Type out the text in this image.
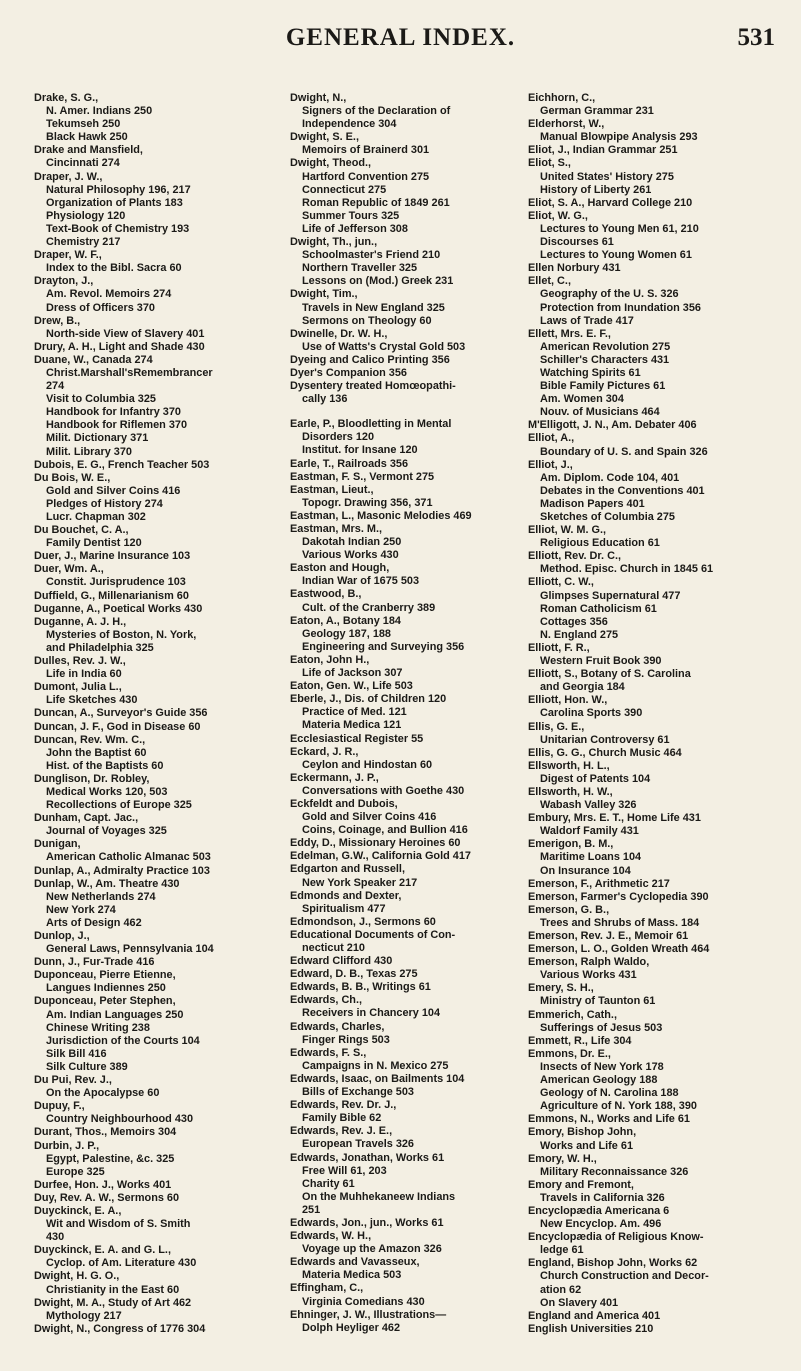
GENERAL INDEX.	531
Drake, S. G.,
N. Amer. Indians 250
Tekumseh 250
Black Hawk 250
Drake and Mansfield,
Cincinnati 274
Draper, J. W.,
Natural Philosophy 196, 217
Organization of Plants 183
Physiology 120
Text-Book of Chemistry 193
Chemistry 217
Draper, W. F.,
Index to the Bibl. Sacra 60
Drayton, J.,
Am. Revol. Memoirs 274
Dress of Officers 370
Drew, B.,
North-side View of Slavery 401
Drury, A. H., Light and Shade 430
Duane, W., Canada 274
Christ.Marshall'sRemembrancer
274
Visit to Columbia 325
Handbook for Infantry 370
Handbook for Riflemen 370
Milit. Dictionary 371
Milit. Library 370
Dubois, E. G., French Teacher 503
Du Bois, W. E.,
Gold and Silver Coins 416
Pledges of History 274
Lucr. Chapman 302
Du Bouchet, C. A.,
Family Dentist 120
Duer, J., Marine Insurance 103
Duer, Wm. A.,
Constit. Jurisprudence 103
Duffield, G., Millenarianism 60
Duganne, A., Poetical Works 430
Duganne, A. J. H.,
Mysteries of Boston, N. York,
and Philadelphia 325
Dulles, Rev. J. W.,
Life in India 60
Dumont, Julia L.,
Life Sketches 430
Duncan, A., Surveyor's Guide 356
Duncan, J. F., God in Disease 60
Duncan, Rev. Wm. C.,
John the Baptist 60
Hist. of the Baptists 60
Dunglison, Dr. Robley,
Medical Works 120, 503
Recollections of Europe 325
Dunham, Capt. Jac.,
Journal of Voyages 325
Dunigan,
American Catholic Almanac 503
Dunlap, A., Admiralty Practice 103
Dunlap, W., Am. Theatre 430
New Netherlands 274
New York 274
Arts of Design 462
Dunlop, J.,
General Laws, Pennsylvania 104
Dunn, J., Fur-Trade 416
Duponceau, Pierre Etienne,
Langues Indiennes 250
Duponceau, Peter Stephen,
Am. Indian Languages 250
Chinese Writing 238
Jurisdiction of the Courts 104
Silk Bill 416
Silk Culture 389
Du Pui, Rev. J.,
On the Apocalypse 60
Dupuy, F.,
Country Neighbourhood 430
Durant, Thos., Memoirs 304
Durbin, J. P.,
Egypt, Palestine, &c. 325
Europe 325
Durfee, Hon. J., Works 401
Duy, Rev. A. W., Sermons 60
Duyckinck, E. A.,
Wit and Wisdom of S. Smith
430
Duyckinck, E. A. and G. L.,
Cyclop. of Am. Literature 430
Dwight, H. G. O.,
Christianity in the East 60
Dwight, M. A., Study of Art 462
Mythology 217
Dwight, N., Congress of 1776 304
Dwight, N.,
Signers of the Declaration of
Independence 304
Dwight, S. E.,
Memoirs of Brainerd 301
Dwight, Theod.,
Hartford Convention 275
Connecticut 275
Roman Republic of 1849 261
Summer Tours 325
Life of Jefferson 308
Dwight, Th., jun.,
Schoolmaster's Friend 210
Northern Traveller 325
Lessons on (Mod.) Greek 231
Dwight, Tim.,
Travels in New England 325
Sermons on Theology 60
Dwinelle, Dr. W. H.,
Use of Watts's Crystal Gold 503
Dyeing and Calico Printing 356
Dyer's Companion 356
Dysentery treated Homœopathi-
cally 136
Earle, P., Bloodletting in Mental
Disorders 120
Institut. for Insane 120
Earle, T., Railroads 356
Eastman, F. S., Vermont 275
Eastman, Lieut.,
Topogr. Drawing 356, 371
Eastman, L., Masonic Melodies 469
Eastman, Mrs. M.,
Dakotah Indian 250
Various Works 430
Easton and Hough,
Indian War of 1675 503
Eastwood, B.,
Cult. of the Cranberry 389
Eaton, A., Botany 184
Geology 187, 188
Engineering and Surveying 356
Eaton, John H.,
Life of Jackson 307
Eaton, Gen. W., Life 503
Eberle, J., Dis. of Children 120
Practice of Med. 121
Materia Medica 121
Ecclesiastical Register 55
Eckard, J. R.,
Ceylon and Hindostan 60
Eckermann, J. P.,
Conversations with Goethe 430
Eckfeldt and Dubois,
Gold and Silver Coins 416
Coins, Coinage, and Bullion 416
Eddy, D., Missionary Heroines 60
Edelman, G.W., California Gold 417
Edgarton and Russell,
New York Speaker 217
Edmonds and Dexter,
Spiritualism 477
Edmondson, J., Sermons 60
Educational Documents of Con-
necticut 210
Edward Clifford 430
Edward, D. B., Texas 275
Edwards, B. B., Writings 61
Edwards, Ch.,
Receivers in Chancery 104
Edwards, Charles,
Finger Rings 503
Edwards, F. S.,
Campaigns in N. Mexico 275
Edwards, Isaac, on Bailments 104
Bills of Exchange 503
Edwards, Rev. Dr. J.,
Family Bible 62
Edwards, Rev. J. E.,
European Travels 326
Edwards, Jonathan, Works 61
Free Will 61, 203
Charity 61
On the Muhhekaneew Indians
251
Edwards, Jon., jun., Works 61
Edwards, W. H.,
Voyage up the Amazon 326
Edwards and Vavasseux,
Materia Medica 503
Effingham, C.,
Virginia Comedians 430
Ehninger, J. W., Illustrations—
Dolph Heyliger 462
Eichhorn, C.,
German Grammar 231
Elderhorst, W.,
Manual Blowpipe Analysis 293
Eliot, J., Indian Grammar 251
Eliot, S.,
United States' History 275
History of Liberty 261
Eliot, S. A., Harvard College 210
Eliot, W. G.,
Lectures to Young Men 61, 210
Discourses 61
Lectures to Young Women 61
Ellen Norbury 431
Ellet, C.,
Geography of the U. S. 326
Protection from Inundation 356
Laws of Trade 417
Ellett, Mrs. E. F.,
American Revolution 275
Schiller's Characters 431
Watching Spirits 61
Bible Family Pictures 61
Am. Women 304
Nouv. of Musicians 464
M'Elligott, J. N., Am. Debater 406
Elliot, A.,
Boundary of U. S. and Spain 326
Elliot, J.,
Am. Diplom. Code 104, 401
Debates in the Conventions 401
Madison Papers 401
Sketches of Columbia 275
Elliot, W. M. G.,
Religious Education 61
Elliott, Rev. Dr. C.,
Method. Episc. Church in 1845 61
Elliott, C. W.,
Glimpses Supernatural 477
Roman Catholicism 61
Cottages 356
N. England 275
Elliott, F. R.,
Western Fruit Book 390
Elliott, S., Botany of S. Carolina
and Georgia 184
Elliott, Hon. W.,
Carolina Sports 390
Ellis, G. E.,
Unitarian Controversy 61
Ellis, G. G., Church Music 464
Ellsworth, H. L.,
Digest of Patents 104
Ellsworth, H. W.,
Wabash Valley 326
Embury, Mrs. E. T., Home Life 431
Waldorf Family 431
Emerigon, B. M.,
Maritime Loans 104
On Insurance 104
Emerson, F., Arithmetic 217
Emerson, Farmer's Cyclopedia 390
Emerson, G. B.,
Trees and Shrubs of Mass. 184
Emerson, Rev. J. E., Memoir 61
Emerson, L. O., Golden Wreath 464
Emerson, Ralph Waldo,
Various Works 431
Emery, S. H.,
Ministry of Taunton 61
Emmerich, Cath.,
Sufferings of Jesus 503
Emmett, R., Life 304
Emmons, Dr. E.,
Insects of New York 178
American Geology 188
Geology of N. Carolina 188
Agriculture of N. York 188, 390
Emmons, N., Works and Life 61
Emory, Bishop John,
Works and Life 61
Emory, W. H.,
Military Reconnaissance 326
Emory and Fremont,
Travels in California 326
Encyclopædia Americana 6
New Encyclop. Am. 496
Encyclopædia of Religious Know-
ledge 61
England, Bishop John, Works 62
Church Construction and Decor-
ation 62
On Slavery 401
England and America 401
English Universities 210
